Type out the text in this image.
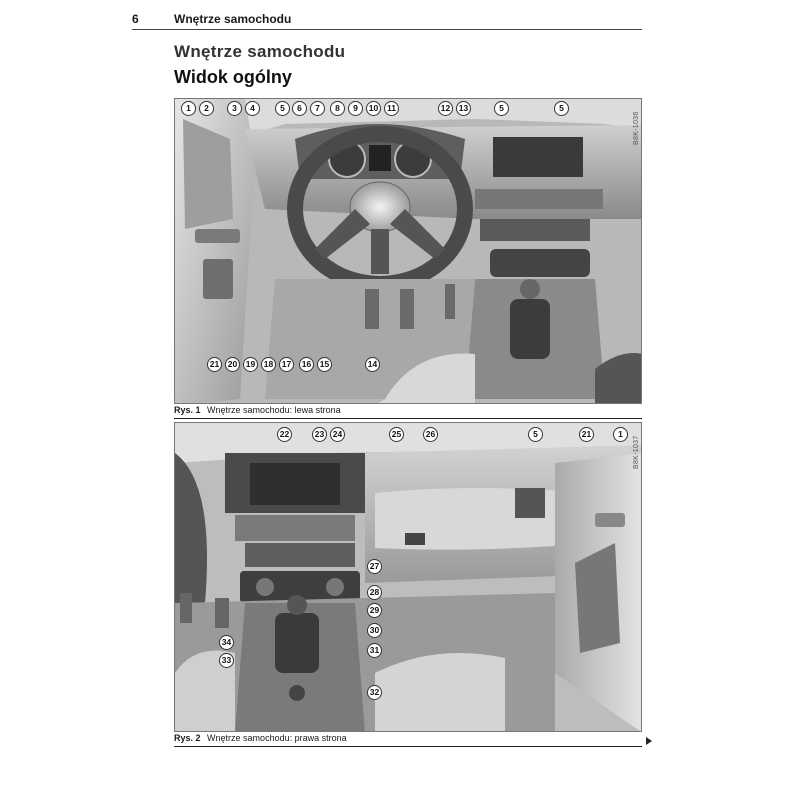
6	Wnętrze samochodu
Wnętrze samochodu
Widok ogólny
B8K-1036
1	2	3	4	5	6	7	8	9	10	11	12	13	5	5
21	20	19	18	17	16	15	14
Rys. 1 Wnętrze samochodu: lewa strona
B8K-1037
22	23	24	25	26	5	21	1
27
28
29
30
31
34
33
32
Rys. 2 Wnętrze samochodu: prawa strona
